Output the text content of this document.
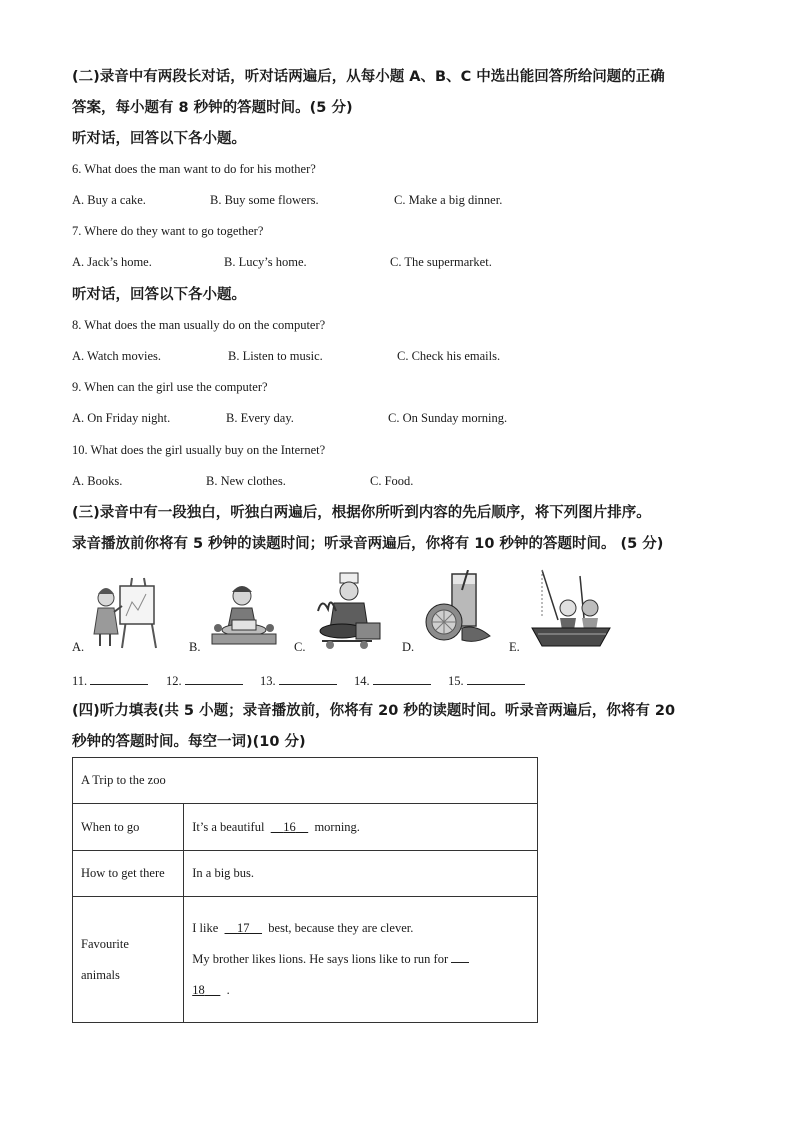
(二)录音中有两段长对话，听对话两遍后，从每小题 A、B、C 中选出能回答所给问题的正确
答案，每小题有 8 秒钟的答题时间。(5 分)

听对话，回答以下各小题。

6. What does the man want to do for his mother?

A. Buy a cake.	B. Buy some flowers.	C. Make a big dinner.

7. Where do they want to go together?

A. Jack’s home.	B. Lucy’s home.	C. The supermarket.

听对话，回答以下各小题。

8. What does the man usually do on the computer?

A. Watch movies.	B. Listen to music.	C. Check his emails.

9. When can the girl use the computer?

A. On Friday night.	B. Every day.	C. On Sunday morning.

10. What does the girl usually buy on the Internet?

A. Books.	B. New clothes.	C. Food.

(三)录音中有一段独白，听独白两遍后，根据你所听到内容的先后顺序，将下列图片排序。
录音播放前你将有 5 秒钟的读题时间；听录音两遍后，你将有 10 秒钟的答题时间。 (5 分)

A.	B.	C.	D.	E.

11.	12.	13.	14.	15.

(四)听力填表(共 5 小题；录音播放前，你将有 20 秒的读题时间。听录音两遍后，你将有 20
秒钟的答题时间。每空一词)(10 分)

A Trip to the zoo	
When to go	It’s a beautiful 16 morning.
How to get there	In a big bus.
Favourite
animals	I like 17 best, because they are clever.
My brother likes lions. He says lions like to run for
18 .
